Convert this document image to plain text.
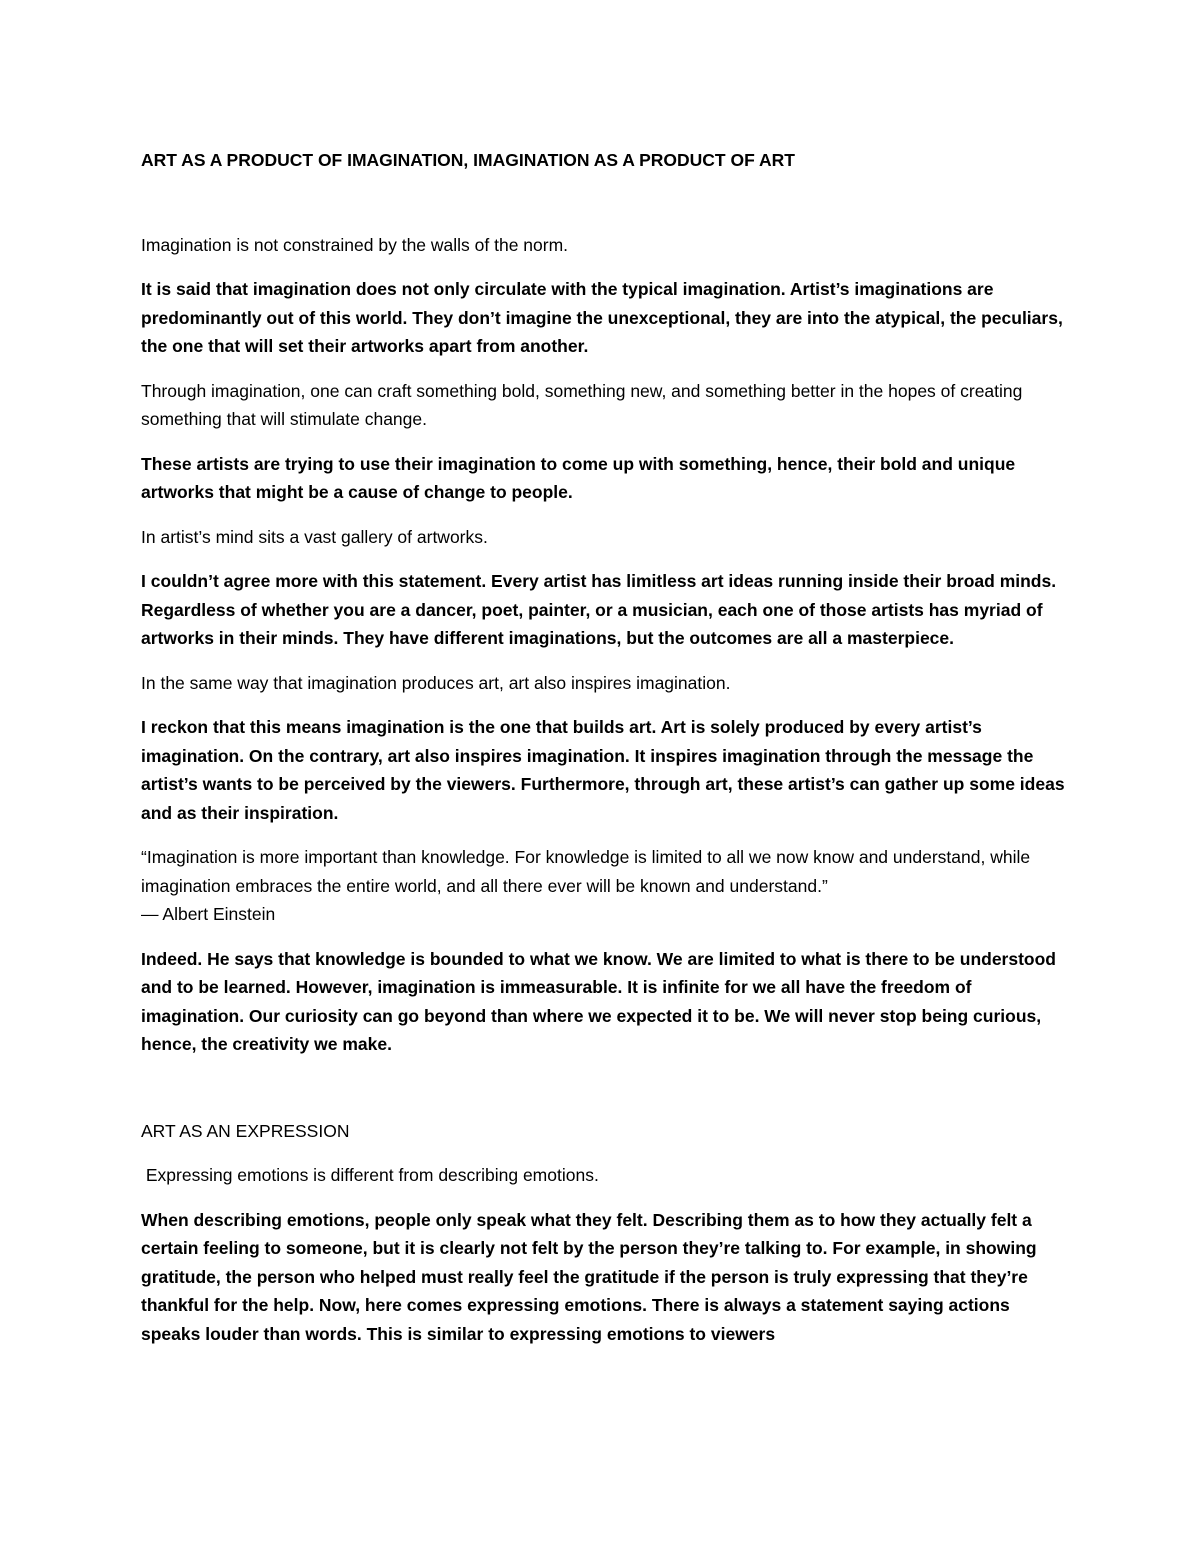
ART AS A PRODUCT OF IMAGINATION, IMAGINATION AS A PRODUCT OF ART

Imagination is not constrained by the walls of the norm.

It is said that imagination does not only circulate with the typical imagination. Artist’s imaginations are predominantly out of this world. They don’t imagine the unexceptional, they are into the atypical, the peculiars, the one that will set their artworks apart from another.

Through imagination, one can craft something bold, something new, and something better in the hopes of creating something that will stimulate change.

These artists are trying to use their imagination to come up with something, hence, their bold and unique artworks that might be a cause of change to people.

In artist’s mind sits a vast gallery of artworks.

I couldn’t agree more with this statement. Every artist has limitless art ideas running inside their broad minds. Regardless of whether you are a dancer, poet, painter, or a musician, each one of those artists has myriad of artworks in their minds. They have different imaginations, but the outcomes are all a masterpiece.

In the same way that imagination produces art, art also inspires imagination.

I reckon that this means imagination is the one that builds art. Art is solely produced by every artist’s imagination. On the contrary, art also inspires imagination. It inspires imagination through the message the artist’s wants to be perceived by the viewers. Furthermore, through art, these artist’s can gather up some ideas and as their inspiration.

“Imagination is more important than knowledge. For knowledge is limited to all we now know and understand, while imagination embraces the entire world, and all there ever will be known and understand.”
― Albert Einstein

Indeed. He says that knowledge is bounded to what we know. We are limited to what is there to be understood and to be learned. However, imagination is immeasurable. It is infinite for we all have the freedom of imagination. Our curiosity can go beyond than where we expected it to be. We will never stop being curious, hence, the creativity we make.

ART AS AN EXPRESSION

Expressing emotions is different from describing emotions.

When describing emotions, people only speak what they felt. Describing them as to how they actually felt a certain feeling to someone, but it is clearly not felt by the person they’re talking to. For example, in showing gratitude, the person who helped must really feel the gratitude if the person is truly expressing that they’re thankful for the help. Now, here comes expressing emotions. There is always a statement saying actions speaks louder than words. This is similar to expressing emotions to viewers
